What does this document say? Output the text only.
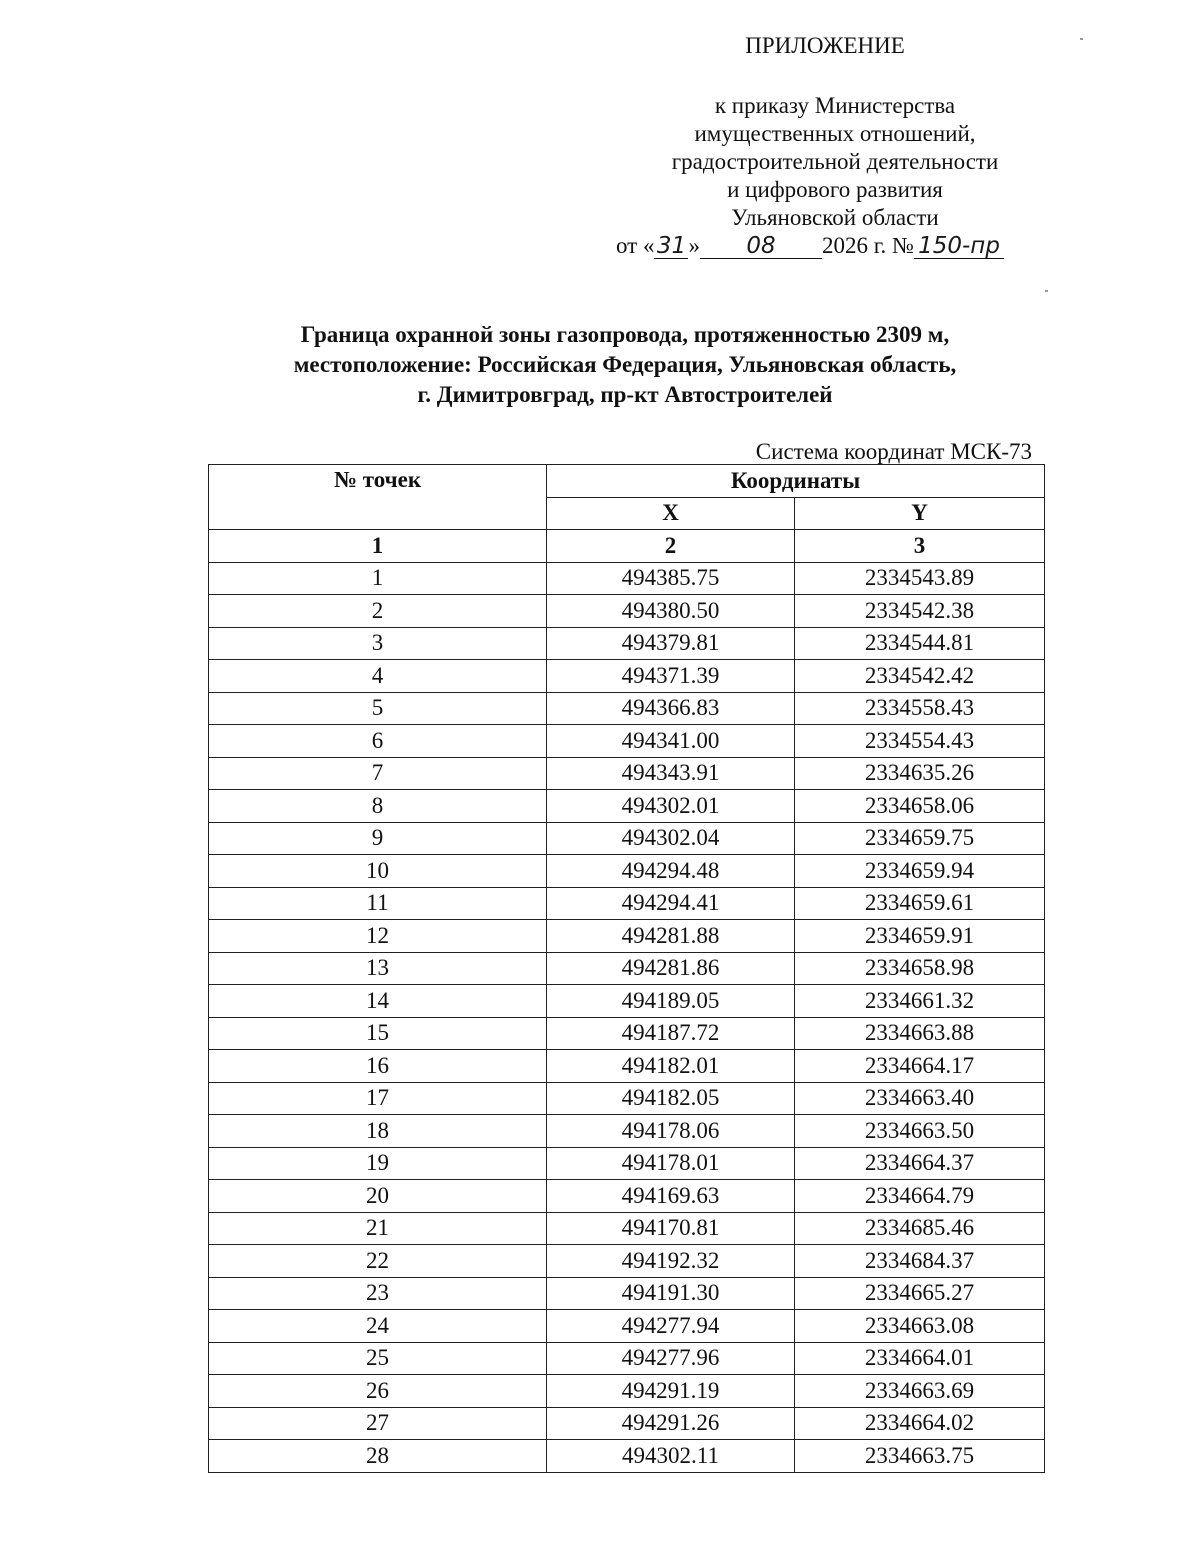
ПРИЛОЖЕНИЕ
к приказу Министерства
имущественных отношений,
градостроительной деятельности
и цифрового развития
Ульяновской области
от « 31 » 08 2026 г. № 150-пр
Граница охранной зоны газопровода, протяженностью 2309 м,
местоположение: Российская Федерация, Ульяновская область,
г. Димитровград, пр-кт Автостроителей
Система координат МСК-73
№ точек	Координаты	
	X	Y
1	2	3
1	494385.75	2334543.89
2	494380.50	2334542.38
3	494379.81	2334544.81
4	494371.39	2334542.42
5	494366.83	2334558.43
6	494341.00	2334554.43
7	494343.91	2334635.26
8	494302.01	2334658.06
9	494302.04	2334659.75
10	494294.48	2334659.94
11	494294.41	2334659.61
12	494281.88	2334659.91
13	494281.86	2334658.98
14	494189.05	2334661.32
15	494187.72	2334663.88
16	494182.01	2334664.17
17	494182.05	2334663.40
18	494178.06	2334663.50
19	494178.01	2334664.37
20	494169.63	2334664.79
21	494170.81	2334685.46
22	494192.32	2334684.37
23	494191.30	2334665.27
24	494277.94	2334663.08
25	494277.96	2334664.01
26	494291.19	2334663.69
27	494291.26	2334664.02
28	494302.11	2334663.75
